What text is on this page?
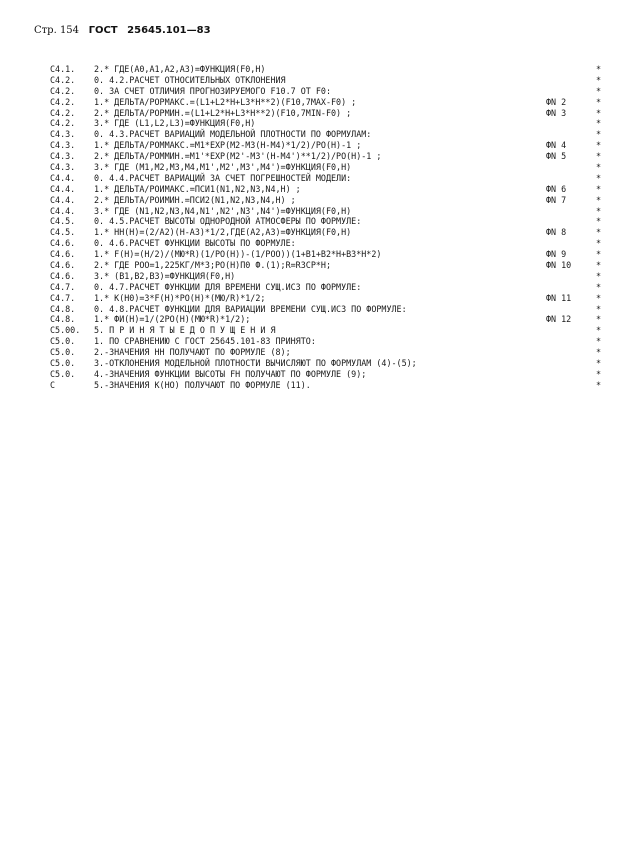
Стр. 154 ГОСТ 25645.101—83
C4.1. 2.* ГДЕ(A0,A1,A2,A3)=ФУНКЦИЯ(F0,H)	*
C4.2. 0. 4.2.РАСЧЕТ ОТНОСИТЕЛЬНЫХ ОТКЛОНЕНИЯ	*
C4.2. 0. ЗА СЧЕТ ОТЛИЧИЯ ПРОГНОЗИРУЕМОГО F10.7 ОТ F0:	*
C4.2. 1.* ДЕЛЬТА/РОРМАКС.=(L1+L2*H+L3*H**2)(F10,7MAX-F0) ;	ФN 2	*
C4.2. 2.* ДЕЛЬТА/РОРМИН.=(L1+L2*H+L3*H**2)(F10,7MIN-F0) ;	ФN 3	*
C4.2. 3.* ГДЕ (L1,L2,L3)=ФУНКЦИЯ(F0,H)	*
C4.3. 0. 4.3.РАСЧЕТ ВАРИАЦИЙ МОДЕЛЬНОЙ ПЛОТНОСТИ ПО ФОРМУЛАМ:	*
C4.3. 1.* ДЕЛЬТА/РОММАКС.=M1*EXP(M2-M3(H-M4)*1/2)/PO(H)-1 ;	ФN 4	*
C4.3. 2.* ДЕЛЬТА/РОММИН.=M1'*EXP(M2'-M3'(H-M4')**1/2)/PO(H)-1 ;	ФN 5	*
C4.3. 3.* ГДЕ (M1,M2,M3,M4,M1',M2',M3',M4')=ФУНКЦИЯ(F0,H)	*
C4.4. 0. 4.4.РАСЧЕТ ВАРИАЦИЙ ЗА СЧЕТ ПОГРЕШНОСТЕЙ МОДЕЛИ:	*
C4.4. 1.* ДЕЛЬТА/РОИМАКС.=ПСИ1(N1,N2,N3,N4,H) ;	ФN 6	*
C4.4. 2.* ДЕЛЬТА/РОИМИН.=ПСИ2(N1,N2,N3,N4,H) ;	ФN 7	*
C4.4. 3.* ГДЕ (N1,N2,N3,N4,N1',N2',N3',N4')=ФУНКЦИЯ(F0,H)	*
C4.5. 0. 4.5.РАСЧЕТ ВЫСОТЫ ОДНОРОДНОЙ АТМОСФЕРЫ ПО ФОРМУЛЕ:	*
C4.5. 1.* HH(H)=(2/A2)(H-A3)*1/2,ГДЕ(A2,A3)=ФУНКЦИЯ(F0,H)	ФN 8	*
C4.6. 0. 4.6.РАСЧЕТ ФУНКЦИИ ВЫСОТЫ ПО ФОРМУЛЕ:	*
C4.6. 1.* F(H)=(H/2)/(MЮ*R)(1/PO(H))-(1/POO))(1+B1+B2*H+B3*H*2)	ФN 9	*
C4.6. 2.* ГДЕ POO=1,225КГ/M*3;PO(H)П0 Ф.(1);R=R3CP*H;	ФN 10	*
C4.6. 3.* (B1,B2,B3)=ФУНКЦИЯ(F0,H)	*
C4.7. 0. 4.7.РАСЧЕТ ФУНКЦИИ ДЛЯ ВРЕМЕНИ СУЩ.ИСЗ ПО ФОРМУЛЕ:	*
C4.7. 1.* K(H0)=3*F(H)*PO(H)*(MЮ/R)*1/2;	ФN 11	*
C4.8. 0. 4.8.РАСЧЕТ ФУНКЦИИ ДЛЯ ВАРИАЦИИ ВРЕМЕНИ СУЩ.ИСЗ ПО ФОРМУЛЕ:	*
C4.8. 1.* ФИ(H)=1/(2PO(H)(MЮ*R)*1/2);	ФN 12	*
C5.00. 5. П Р И Н Я Т Ы Е Д О П У Щ Е Н И Я	*
C5.0. 1. ПО СРАВНЕНИЮ С ГОСТ 25645.101-83 ПРИНЯТО:	*
C5.0. 2.-ЗНАЧЕНИЯ HH ПОЛУЧАЮТ ПО ФОРМУЛЕ (8);	*
C5.0. 3.-ОТКЛОНЕНИЯ МОДЕЛЬНОЙ ПЛОТНОСТИ ВЫЧИСЛЯЮТ ПО ФОРМУЛАМ (4)-(5);	*
C5.0. 4.-ЗНАЧЕНИЯ ФУНКЦИИ ВЫСОТЫ FH ПОЛУЧАЮТ ПО ФОРМУЛЕ (9);	*
C	5.-ЗНАЧЕНИЯ K(HO) ПОЛУЧАЮТ ПО ФОРМУЛЕ (11).	*
